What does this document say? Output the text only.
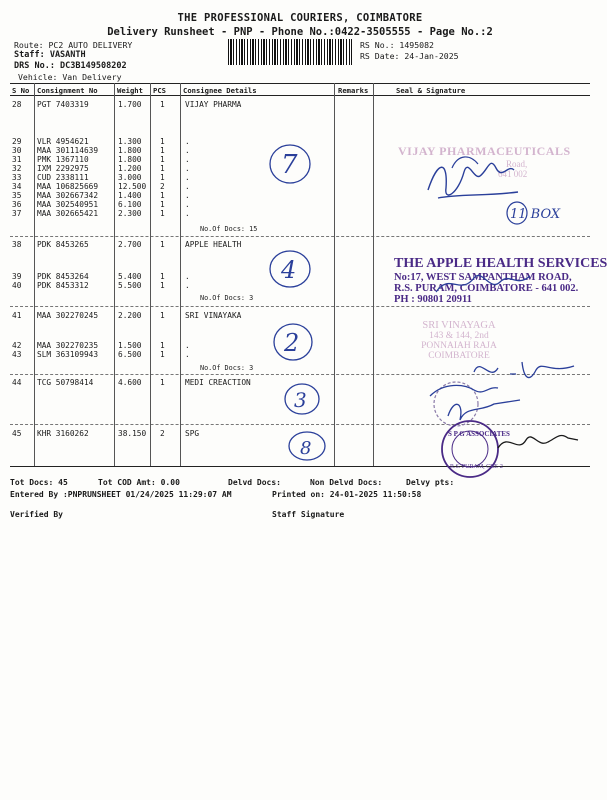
THE PROFESSIONAL COURIERS, COIMBATORE
Delivery Runsheet - PNP - Phone No.:0422-3505555 - Page No.:2
Route: PC2 AUTO DELIVERY
Staff: VASANTH
DRS No.: DC3B149508202
Vehicle: Van Delivery
RS No.: 1495082
RS Date: 24-Jan-2025
S No Consignment No	Weight PCS Consignee Details	Remarks	Seal & Signature
28 PGT 7403319	1.700 1	VIJAY PHARMA
29 VLR 4954621	1.300 1	.
30 MAA 301114639	1.800 1	.
31 PMK 1367110	1.800 1	.
32 IXM 2292975	1.200 1	.
33 CUD 2338111	3.000 1	.
34 MAA 106825669	12.500 2	.
35 MAA 302667342	1.400 1	.
36 MAA 302540951	6.100 1	.
37 MAA 302665421	2.300 1	.
38 PDK 8453265	2.700 1	APPLE HEALTH
39 PDK 8453264	5.400 1	.
40 PDK 8453312	5.500 1	.
41 MAA 302270245	2.200 1	SRI VINAYAKA
42 MAA 302270235	1.500 1	.
43 SLM 363109943	6.500 1	.
44 TCG 50798414	4.600 1	MEDI CREACTION
45 KHR 3160262	38.150 2	SPG
No.Of Docs: 15
No.Of Docs: 3
No.Of Docs: 3
7
4
2
3
8
VIJAY PHARMACEUTICALS
Road,
641 002
11 BOX
THE APPLE HEALTH SERVICES
No:17, WEST SAMPANTHAM ROAD,
R.S. PURAM, COIMBATORE - 641 002.
PH : 90801 20911
SRI VINAYAGA
143 & 144, 2nd
PONNAIAH RAJA
COIMBATORE
S P G ASSOCIATES
R.S. PURAM, CBE-2
Tot Docs: 45	Tot COD Amt: 0.00	Delvd Docs:	Non Delvd Docs:	Delvy pts:
Entered By :PNPRUNSHEET 01/24/2025 11:29:07 AM	Printed on: 24-01-2025 11:50:58
Verified By	Staff Signature
